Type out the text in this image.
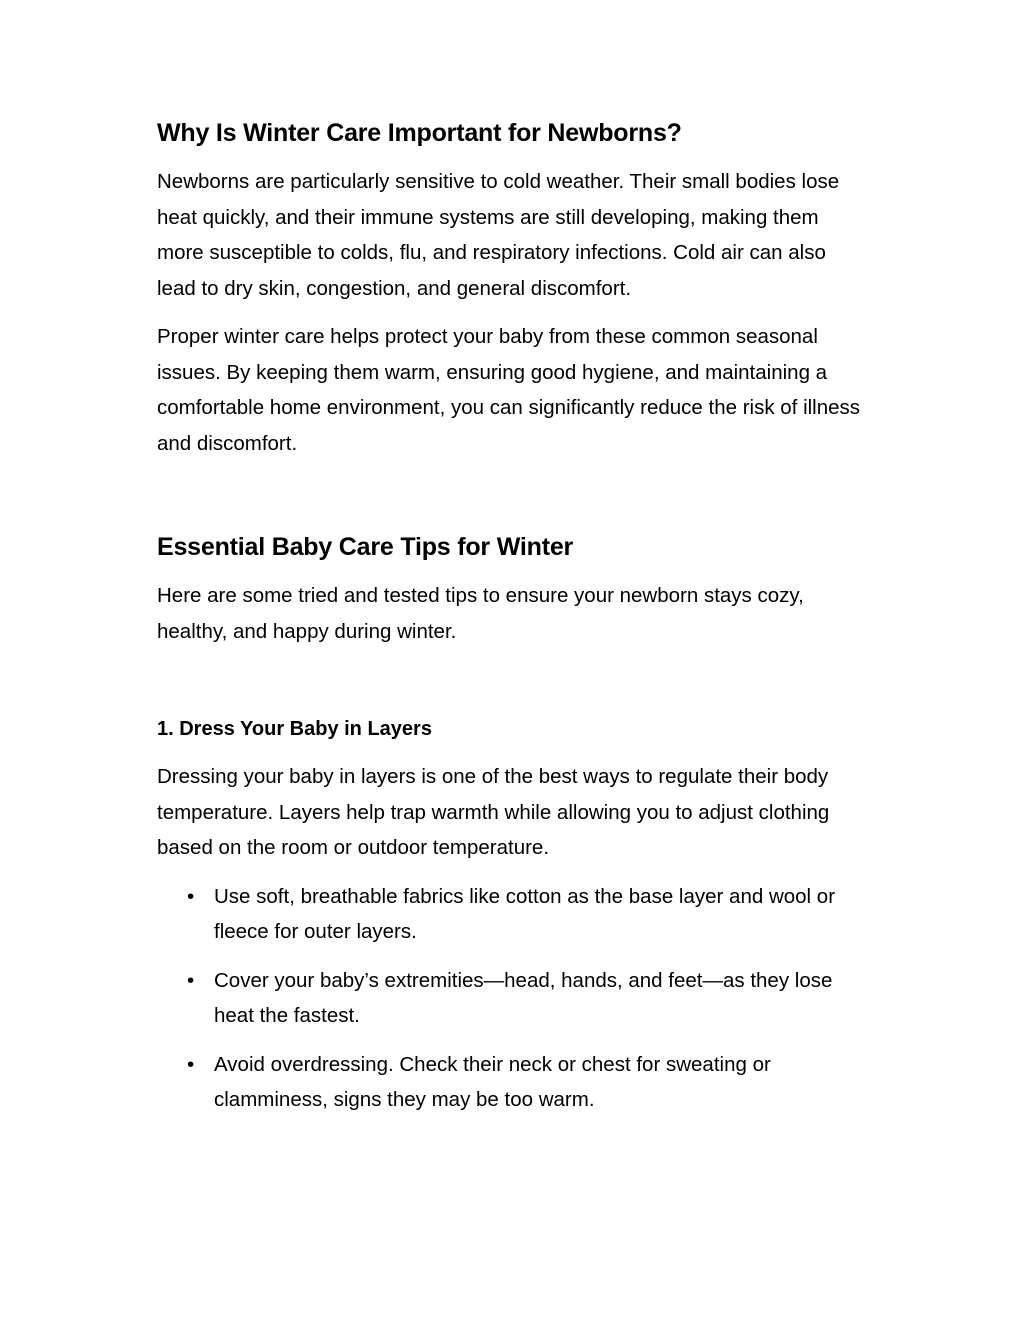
Why Is Winter Care Important for Newborns?

Newborns are particularly sensitive to cold weather. Their small bodies lose heat quickly, and their immune systems are still developing, making them more susceptible to colds, flu, and respiratory infections. Cold air can also lead to dry skin, congestion, and general discomfort.

Proper winter care helps protect your baby from these common seasonal issues. By keeping them warm, ensuring good hygiene, and maintaining a comfortable home environment, you can significantly reduce the risk of illness and discomfort.

Essential Baby Care Tips for Winter

Here are some tried and tested tips to ensure your newborn stays cozy, healthy, and happy during winter.

1. Dress Your Baby in Layers

Dressing your baby in layers is one of the best ways to regulate their body temperature. Layers help trap warmth while allowing you to adjust clothing based on the room or outdoor temperature.

• Use soft, breathable fabrics like cotton as the base layer and wool or fleece for outer layers.
• Cover your baby’s extremities—head, hands, and feet—as they lose heat the fastest.
• Avoid overdressing. Check their neck or chest for sweating or clamminess, signs they may be too warm.
